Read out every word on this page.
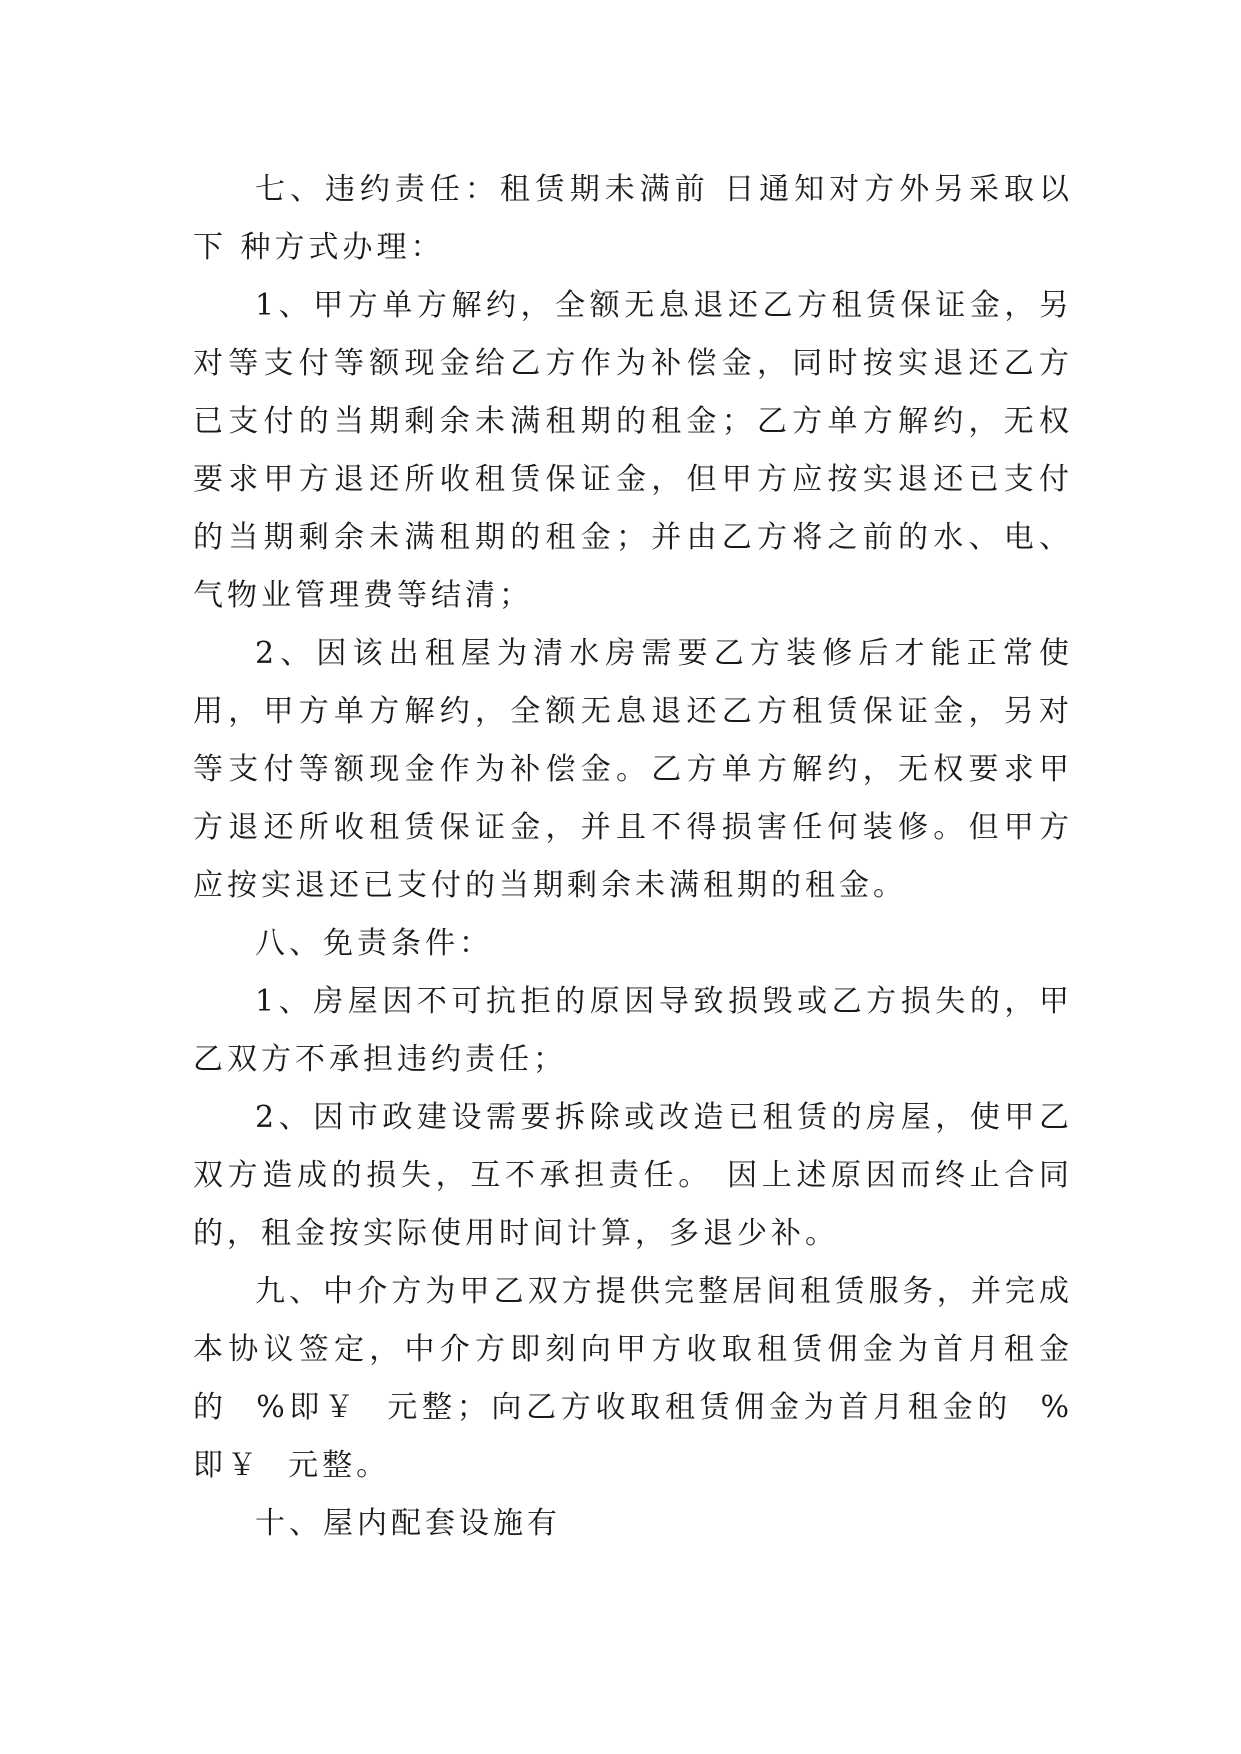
七、违约责任：租赁期未满前 日通知对方外另采取以下 种方式办理：

1、甲方单方解约，全额无息退还乙方租赁保证金，另对等支付等额现金给乙方作为补偿金，同时按实退还乙方已支付的当期剩余未满租期的租金；乙方单方解约，无权要求甲方退还所收租赁保证金，但甲方应按实退还已支付的当期剩余未满租期的租金；并由乙方将之前的水、电、气物业管理费等结清；

2、因该出租屋为清水房需要乙方装修后才能正常使用，甲方单方解约，全额无息退还乙方租赁保证金，另对等支付等额现金作为补偿金。乙方单方解约，无权要求甲方退还所收租赁保证金，并且不得损害任何装修。但甲方应按实退还已支付的当期剩余未满租期的租金。

八、免责条件：

1、房屋因不可抗拒的原因导致损毁或乙方损失的，甲乙双方不承担违约责任；

2、因市政建设需要拆除或改造已租赁的房屋，使甲乙双方造成的损失，互不承担责任。 因上述原因而终止合同的，租金按实际使用时间计算，多退少补。

九、中介方为甲乙双方提供完整居间租赁服务，并完成本协议签定，中介方即刻向甲方收取租赁佣金为首月租金的  %即￥  元整；向乙方收取租赁佣金为首月租金的  %即￥  元整。

十、屋内配套设施有
